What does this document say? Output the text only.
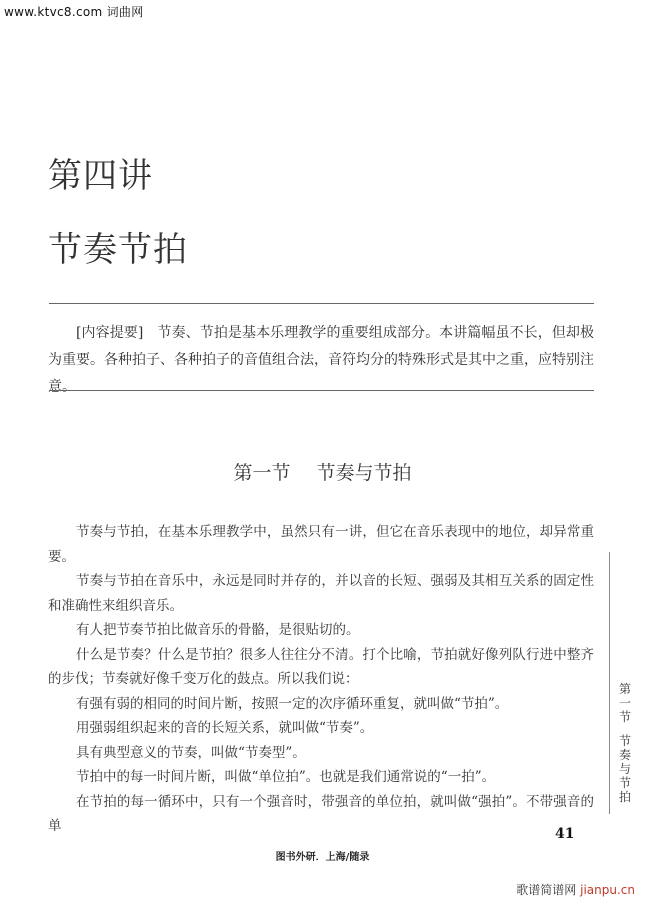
www.ktvc8.com 词曲网
第四讲
节奏节拍
[内容提要]　节奏、节拍是基本乐理教学的重要组成部分。本讲篇幅虽不长，但却极为重要。各种拍子、各种拍子的音值组合法，音符均分的特殊形式是其中之重，应特别注意。
第一节 节奏与节拍

节奏与节拍，在基本乐理教学中，虽然只有一讲，但它在音乐表现中的地位，却异常重要。

节奏与节拍在音乐中，永远是同时并存的，并以音的长短、强弱及其相互关系的固定性和准确性来组织音乐。

有人把节奏节拍比做音乐的骨骼，是很贴切的。

什么是节奏？什么是节拍？很多人往往分不清。打个比喻，节拍就好像列队行进中整齐的步伐；节奏就好像千变万化的鼓点。所以我们说：

有强有弱的相同的时间片断，按照一定的次序循环重复，就叫做“节拍”。

用强弱组织起来的音的长短关系，就叫做“节奏”。

具有典型意义的节奏，叫做“节奏型”。

节拍中的每一时间片断，叫做“单位拍”。也就是我们通常说的“一拍”。

在节拍的每一循环中，只有一个强音时，带强音的单位拍，就叫做“强拍”。不带强音的单

第
一
节
节
奏
与
节
拍
41
图书外研．上海/随录
歌谱简谱网 jianpu.cn
